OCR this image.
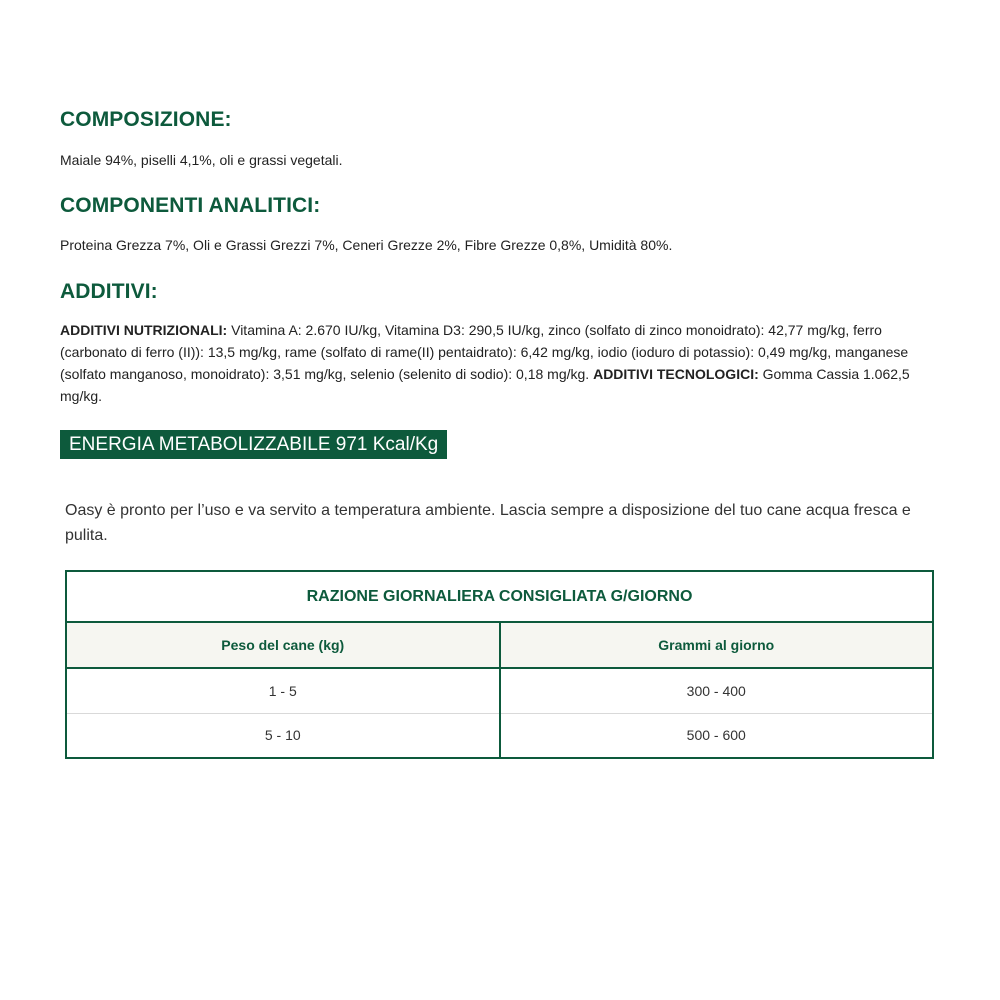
COMPOSIZIONE:

Maiale 94%, piselli 4,1%, oli e grassi vegetali.

COMPONENTI ANALITICI:

Proteina Grezza 7%, Oli e Grassi Grezzi 7%, Ceneri Grezze 2%, Fibre Grezze 0,8%, Umidità 80%.

ADDITIVI:

ADDITIVI NUTRIZIONALI: Vitamina A: 2.670 IU/kg, Vitamina D3: 290,5 IU/kg, zinco (solfato di zinco monoidrato): 42,77 mg/kg, ferro (carbonato di ferro (II)): 13,5 mg/kg, rame (solfato di rame(II) pentaidrato): 6,42 mg/kg, iodio (ioduro di potassio): 0,49 mg/kg, manganese (solfato manganoso, monoidrato): 3,51 mg/kg, selenio (selenito di sodio): 0,18 mg/kg. ADDITIVI TECNOLOGICI: Gomma Cassia 1.062,5 mg/kg.

ENERGIA METABOLIZZABILE 971 Kcal/Kg

Oasy è pronto per l’uso e va servito a temperatura ambiente. Lascia sempre a disposizione del tuo cane acqua fresca e pulita.

RAZIONE GIORNALIERA CONSIGLIATA G/GIORNO	
Peso del cane (kg)	Grammi al giorno
1 - 5	300 - 400
5 - 10	500 - 600
